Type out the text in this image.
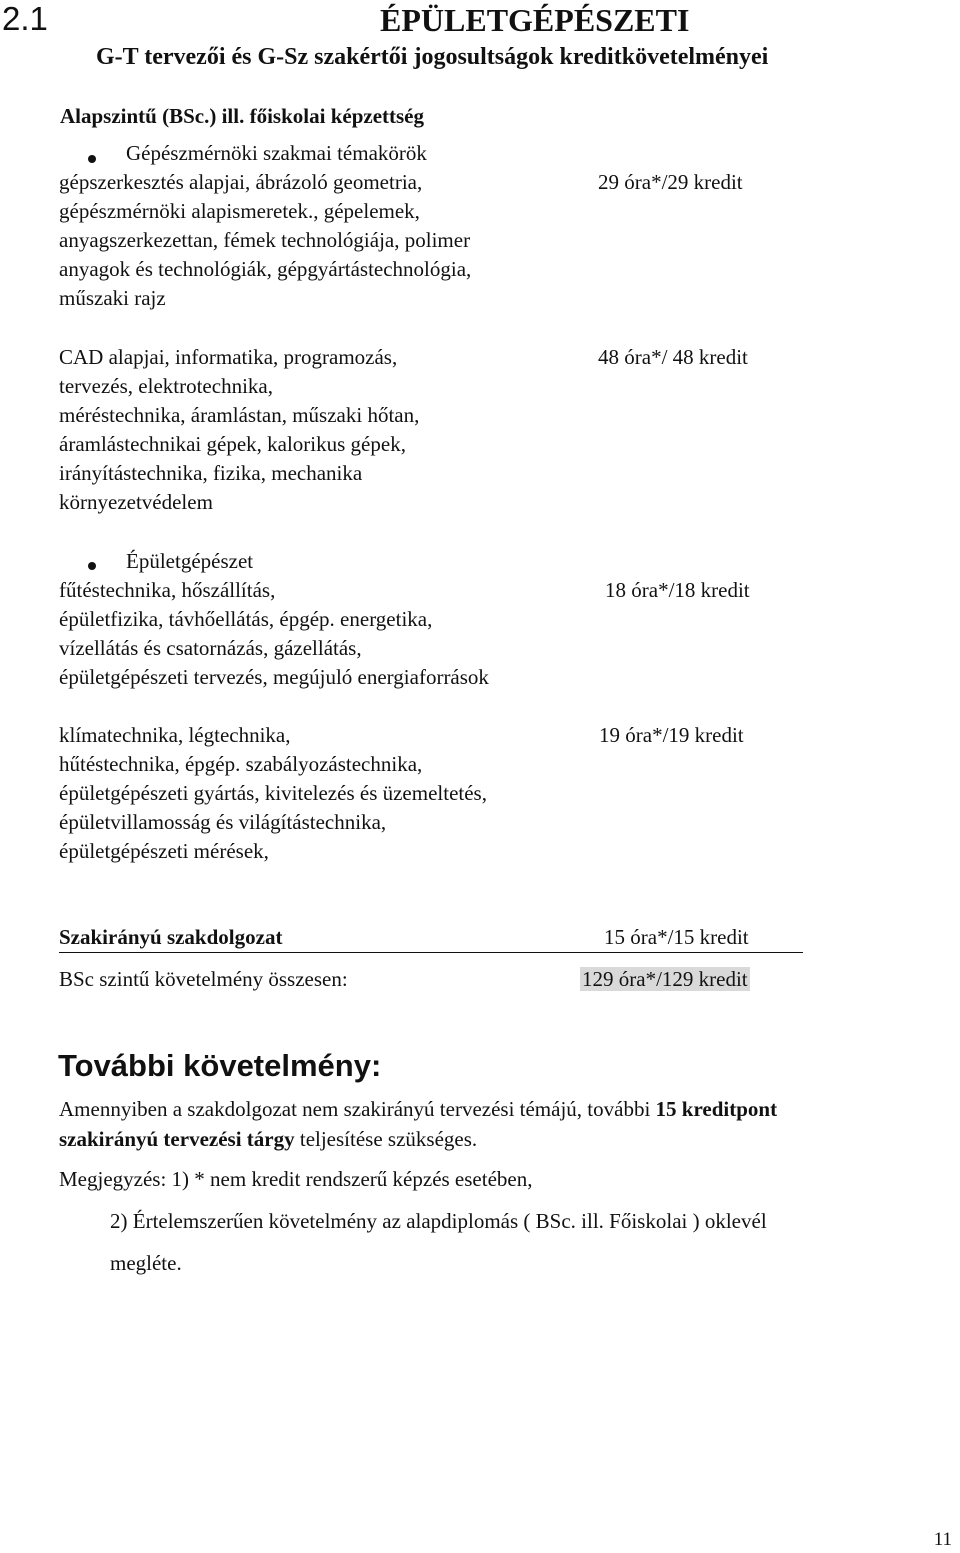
2.1	ÉPÜLETGÉPÉSZETI
G-T tervezői és G-Sz szakértői jogosultságok kreditkövetelményei
Alapszintű (BSc.) ill. főiskolai képzettség
Gépészmérnöki szakmai témakörök
gépszerkesztés alapjai, ábrázoló geometria,
gépészmérnöki alapismeretek., gépelemek,
anyagszerkezettan, fémek technológiája, polimer
anyagok és technológiák, gépgyártástechnológia,
műszaki rajz
29 óra*/29 kredit
CAD alapjai, informatika, programozás,
tervezés, elektrotechnika,
méréstechnika, áramlástan, műszaki hőtan,
áramlástechnikai gépek, kalorikus gépek,
irányítástechnika, fizika, mechanika
környezetvédelem
48 óra*/ 48 kredit
Épületgépészet
fűtéstechnika, hőszállítás,
épületfizika, távhőellátás, épgép. energetika,
vízellátás és csatornázás, gázellátás,
épületgépészeti tervezés, megújuló energiaforrások
18 óra*/18 kredit
klímatechnika, légtechnika,
hűtéstechnika, épgép. szabályozástechnika,
épületgépészeti gyártás, kivitelezés és üzemeltetés,
épületvillamosság és világítástechnika,
épületgépészeti mérések,
19 óra*/19 kredit
Szakirányú szakdolgozat	15 óra*/15 kredit
BSc szintű követelmény összesen:	129 óra*/129 kredit
További követelmény:
Amennyiben a szakdolgozat nem szakirányú tervezési témájú, további 15 kreditpont
szakirányú tervezési tárgy teljesítése szükséges.
Megjegyzés: 1) * nem kredit rendszerű képzés esetében,
2) Értelemszerűen követelmény az alapdiplomás ( BSc. ill. Főiskolai ) oklevél
megléte.
11
